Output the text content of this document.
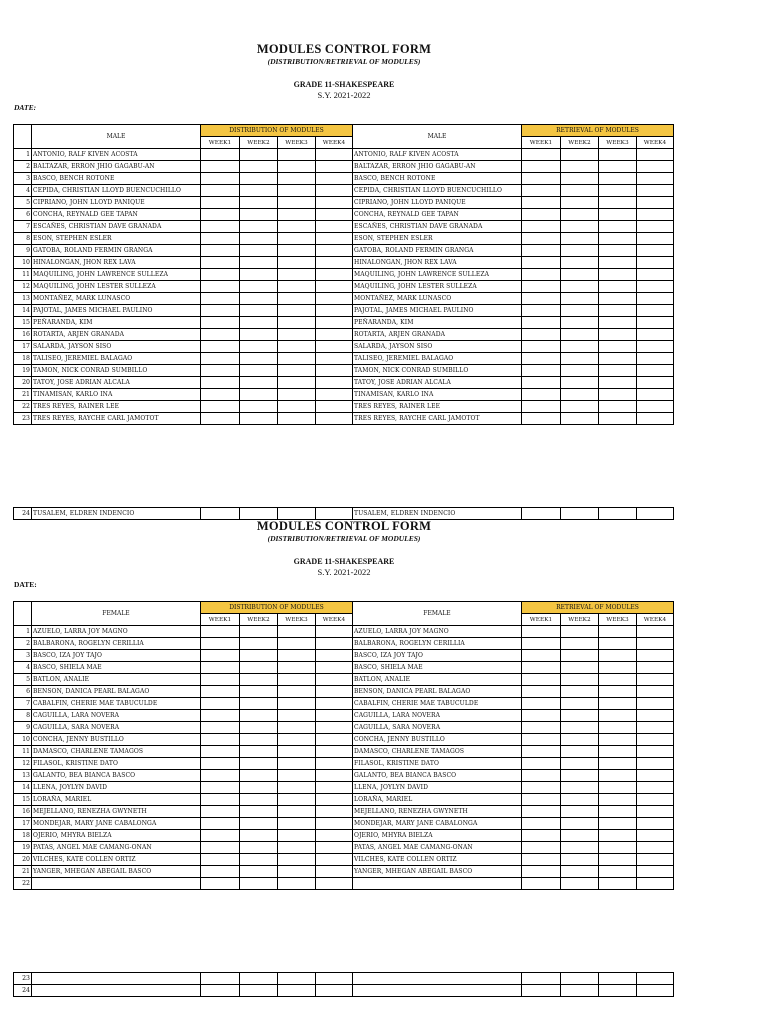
MODULES CONTROL FORM
(DISTRIBUTION/RETRIEVAL OF MODULES)
GRADE 11-SHAKESPEARE
S.Y. 2021-2022
DATE:
	MALE	DISTRIBUTION OF MODULES				MALE	RETRIEVAL OF MODULES			
		WEEK1	WEEK2	WEEK3	WEEK4		WEEK1	WEEK2	WEEK3	WEEK4
1	ANTONIO, RALF KIVEN ACOSTA					ANTONIO, RALF KIVEN ACOSTA				
2	BALTAZAR, ERRON JHIO GAGABU-AN					BALTAZAR, ERRON JHIO GAGABU-AN				
3	BASCO, BENCH ROTONE					BASCO, BENCH ROTONE				
4	CEPIDA, CHRISTIAN LLOYD BUENCUCHILLO					CEPIDA, CHRISTIAN LLOYD BUENCUCHILLO				
5	CIPRIANO, JOHN LLOYD PANIQUE					CIPRIANO, JOHN LLOYD PANIQUE				
6	CONCHA, REYNALD GEE TAPAN					CONCHA, REYNALD GEE TAPAN				
7	ESCAÑES, CHRISTIAN DAVE GRANADA					ESCAÑES, CHRISTIAN DAVE GRANADA				
8	ESON, STEPHEN ESLER					ESON, STEPHEN ESLER				
9	GATOBA, ROLAND FERMIN GRANGA					GATOBA, ROLAND FERMIN GRANGA				
10	HINALONGAN, JHON REX LAVA					HINALONGAN, JHON REX LAVA				
11	MAQUILING, JOHN LAWRENCE SULLEZA					MAQUILING, JOHN LAWRENCE SULLEZA				
12	MAQUILING, JOHN LESTER SULLEZA					MAQUILING, JOHN LESTER SULLEZA				
13	MONTAÑEZ, MARK LUNASCO					MONTAÑEZ, MARK LUNASCO				
14	PAJOTAL, JAMES MICHAEL PAULINO					PAJOTAL, JAMES MICHAEL PAULINO				
15	PEÑARANDA, KIM					PEÑARANDA, KIM				
16	ROTARTA, ARJEN GRANADA					ROTARTA, ARJEN GRANADA				
17	SALARDA, JAYSON SISO					SALARDA, JAYSON SISO				
18	TALISEO, JEREMIEL BALAGAO					TALISEO, JEREMIEL BALAGAO				
19	TAMON, NICK CONRAD SUMBILLO					TAMON, NICK CONRAD SUMBILLO				
20	TATOY, JOSE ADRIAN ALCALA					TATOY, JOSE ADRIAN ALCALA				
21	TINAMISAN, KARLO INA					TINAMISAN, KARLO INA				
22	TRES REYES, RAINER LEE					TRES REYES, RAINER LEE				
23	TRES REYES, RAYCHE CARL JAMOTOT					TRES REYES, RAYCHE CARL JAMOTOT				
24	TUSALEM, ELDREN INDENCIO					TUSALEM, ELDREN INDENCIO				
MODULES CONTROL FORM
(DISTRIBUTION/RETRIEVAL OF MODULES)
GRADE 11-SHAKESPEARE
S.Y. 2021-2022
DATE:
	FEMALE	DISTRIBUTION OF MODULES				FEMALE	RETRIEVAL OF MODULES			
		WEEK1	WEEK2	WEEK3	WEEK4		WEEK1	WEEK2	WEEK3	WEEK4
1	AZUELO, LARRA JOY MAGNO					AZUELO, LARRA JOY MAGNO				
2	BALBARONA, ROGELYN CERILLIA					BALBARONA, ROGELYN CERILLIA				
3	BASCO, IZA JOY TAJO					BASCO, IZA JOY TAJO				
4	BASCO, SHIELA MAE					BASCO, SHIELA MAE				
5	BATLON, ANALIE					BATLON, ANALIE				
6	BENSON, DANICA PEARL BALAGAO					BENSON, DANICA PEARL BALAGAO				
7	CABALFIN, CHERIE MAE TABUCULDE					CABALFIN, CHERIE MAE TABUCULDE				
8	CAGUILLA, LARA NOVERA					CAGUILLA, LARA NOVERA				
9	CAGUILLA, SARA NOVERA					CAGUILLA, SARA NOVERA				
10	CONCHA, JENNY BUSTILLO					CONCHA, JENNY BUSTILLO				
11	DAMASCO, CHARLENE TAMAGOS					DAMASCO, CHARLENE TAMAGOS				
12	FILASOL, KRISTINE DATO					FILASOL, KRISTINE DATO				
13	GALANTO, BEA BIANCA BASCO					GALANTO, BEA BIANCA BASCO				
14	LLENA, JOYLYN DAVID					LLENA, JOYLYN DAVID				
15	LORAÑA, MARIEL					LORAÑA, MARIEL				
16	MEJELLANO, RENEZHA GWYNETH					MEJELLANO, RENEZHA GWYNETH				
17	MONDEJAR, MARY JANE CABALONGA					MONDEJAR, MARY JANE CABALONGA				
18	OJERIO, MHYRA BIELZA					OJERIO, MHYRA BIELZA				
19	PATAS, ANGEL MAE CAMANG-ONAN					PATAS, ANGEL MAE CAMANG-ONAN				
20	VILCHES, KATE COLLEN ORTIZ					VILCHES, KATE COLLEN ORTIZ				
21	YANGER, MHEGAN ABEGAIL BASCO					YANGER, MHEGAN ABEGAIL BASCO				
22										
23										
24										
